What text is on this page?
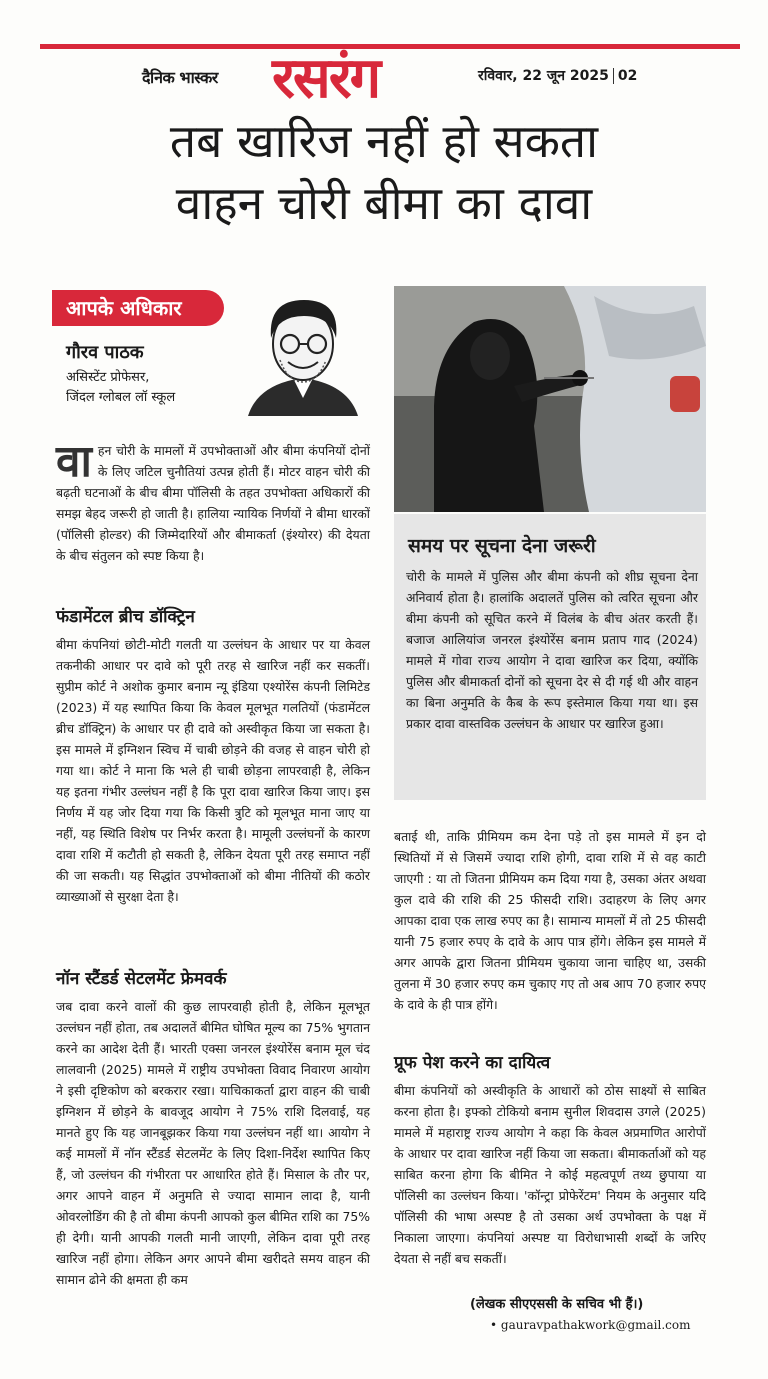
दैनिक भास्कर रसरंग	रविवार, 22 जून 2025 02
तब खारिज नहीं हो सकता
वाहन चोरी बीमा का दावा
आपके अधिकार
गौरव पाठक
असिस्टेंट प्रोफेसर,
जिंदल ग्लोबल लॉ स्कूल
वाहन चोरी के मामलों में उपभोक्ताओं और बीमा कंपनियों दोनों के लिए जटिल चुनौतियां उत्पन्न होती हैं। मोटर वाहन चोरी की बढ़ती घटनाओं के बीच बीमा पॉलिसी के तहत उपभोक्ता अधिकारों की समझ बेहद जरूरी हो जाती है। हालिया न्यायिक निर्णयों ने बीमा धारकों (पॉलिसी होल्डर) की जिम्मेदारियों और बीमाकर्ता (इंश्योरर) की देयता के बीच संतुलन को स्पष्ट किया है।
फंडामेंटल ब्रीच डॉक्ट्रिन
बीमा कंपनियां छोटी-मोटी गलती या उल्लंघन के आधार पर या केवल तकनीकी आधार पर दावे को पूरी तरह से खारिज नहीं कर सकतीं। सुप्रीम कोर्ट ने अशोक कुमार बनाम न्यू इंडिया एश्योरेंस कंपनी लिमिटेड (2023) में यह स्थापित किया कि केवल मूलभूत गलतियों (फंडामेंटल ब्रीच डॉक्ट्रिन) के आधार पर ही दावे को अस्वीकृत किया जा सकता है। इस मामले में इग्निशन स्विच में चाबी छोड़ने की वजह से वाहन चोरी हो गया था। कोर्ट ने माना कि भले ही चाबी छोड़ना लापरवाही है, लेकिन यह इतना गंभीर उल्लंघन नहीं है कि पूरा दावा खारिज किया जाए। इस निर्णय में यह जोर दिया गया कि किसी त्रुटि को मूलभूत माना जाए या नहीं, यह स्थिति विशेष पर निर्भर करता है। मामूली उल्लंघनों के कारण दावा राशि में कटौती हो सकती है, लेकिन देयता पूरी तरह समाप्त नहीं की जा सकती। यह सिद्धांत उपभोक्ताओं को बीमा नीतियों की कठोर व्याख्याओं से सुरक्षा देता है।
नॉन स्टैंडर्ड सेटलमेंट फ्रेमवर्क
जब दावा करने वालों की कुछ लापरवाही होती है, लेकिन मूलभूत उल्लंघन नहीं होता, तब अदालतें बीमित घोषित मूल्य का 75% भुगतान करने का आदेश देती हैं। भारती एक्सा जनरल इंश्योरेंस बनाम मूल चंद लालवानी (2025) मामले में राष्ट्रीय उपभोक्ता विवाद निवारण आयोग ने इसी दृष्टिकोण को बरकरार रखा। याचिकाकर्ता द्वारा वाहन की चाबी इग्निशन में छोड़ने के बावजूद आयोग ने 75% राशि दिलवाई, यह मानते हुए कि यह जानबूझकर किया गया उल्लंघन नहीं था। आयोग ने कई मामलों में नॉन स्टैंडर्ड सेटलमेंट के लिए दिशा-निर्देश स्थापित किए हैं, जो उल्लंघन की गंभीरता पर आधारित होते हैं। मिसाल के तौर पर, अगर आपने वाहन में अनुमति से ज्यादा सामान लादा है, यानी ओवरलोडिंग की है तो बीमा कंपनी आपको कुल बीमित राशि का 75% ही देगी। यानी आपकी गलती मानी जाएगी, लेकिन दावा पूरी तरह खारिज नहीं होगा। लेकिन अगर आपने बीमा खरीदते समय वाहन की सामान ढोने की क्षमता ही कम
समय पर सूचना देना जरूरी
चोरी के मामले में पुलिस और बीमा कंपनी को शीघ्र सूचना देना अनिवार्य होता है। हालांकि अदालतें पुलिस को त्वरित सूचना और बीमा कंपनी को सूचित करने में विलंब के बीच अंतर करती हैं। बजाज आलियांज जनरल इंश्योरेंस बनाम प्रताप गाद (2024) मामले में गोवा राज्य आयोग ने दावा खारिज कर दिया, क्योंकि पुलिस और बीमाकर्ता दोनों को सूचना देर से दी गई थी और वाहन का बिना अनुमति के कैब के रूप इस्तेमाल किया गया था। इस प्रकार दावा वास्तविक उल्लंघन के आधार पर खारिज हुआ।
बताई थी, ताकि प्रीमियम कम देना पड़े तो इस मामले में इन दो स्थितियों में से जिसमें ज्यादा राशि होगी, दावा राशि में से वह काटी जाएगी : या तो जितना प्रीमियम कम दिया गया है, उसका अंतर अथवा कुल दावे की राशि की 25 फीसदी राशि। उदाहरण के लिए अगर आपका दावा एक लाख रुपए का है। सामान्य मामलों में तो 25 फीसदी यानी 75 हजार रुपए के दावे के आप पात्र होंगे। लेकिन इस मामले में अगर आपके द्वारा जितना प्रीमियम चुकाया जाना चाहिए था, उसकी तुलना में 30 हजार रुपए कम चुकाए गए तो अब आप 70 हजार रुपए के दावे के ही पात्र होंगे।
प्रूफ पेश करने का दायित्व
बीमा कंपनियों को अस्वीकृति के आधारों को ठोस साक्ष्यों से साबित करना होता है। इफ्को टोकियो बनाम सुनील शिवदास उगले (2025) मामले में महाराष्ट्र राज्य आयोग ने कहा कि केवल अप्रमाणित आरोपों के आधार पर दावा खारिज नहीं किया जा सकता। बीमाकर्ताओं को यह साबित करना होगा कि बीमित ने कोई महत्वपूर्ण तथ्य छुपाया या पॉलिसी का उल्लंघन किया। 'कॉन्ट्रा प्रोफेरेंटम' नियम के अनुसार यदि पॉलिसी की भाषा अस्पष्ट है तो उसका अर्थ उपभोक्ता के पक्ष में निकाला जाएगा। कंपनियां अस्पष्ट या विरोधाभासी शब्दों के जरिए देयता से नहीं बच सकतीं।
(लेखक सीएएससी के सचिव भी हैं।)
• gauravpathakwork@gmail.com
